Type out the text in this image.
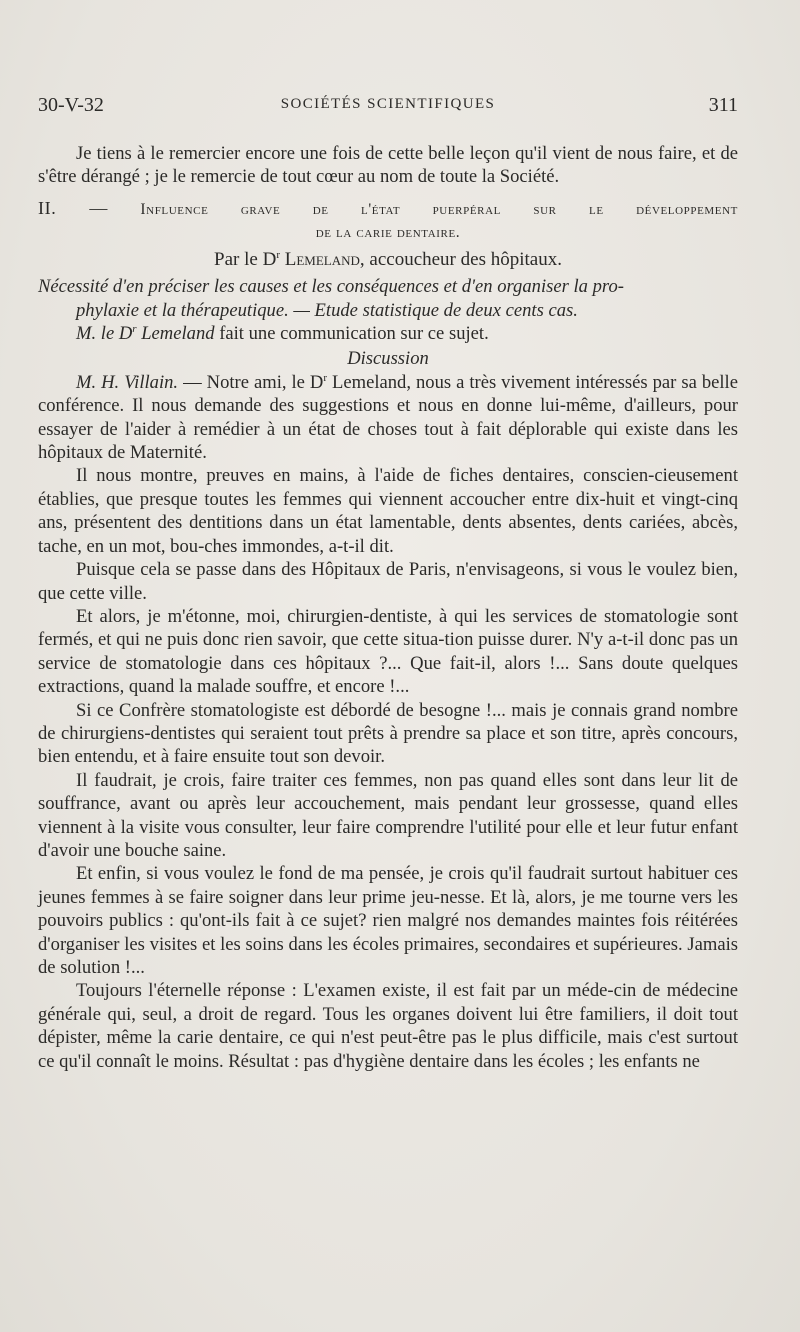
30-V-32	SOCIÉTÉS SCIENTIFIQUES	311

Je tiens à le remercier encore une fois de cette belle leçon qu'il vient de nous faire, et de s'être dérangé ; je le remercie de tout cœur au nom de toute la Société.

II. — Influence grave de l'état puerpéral sur le développement
de la carie dentaire.
Par le $D^r$ Lemeland, accoucheur des hôpitaux.
Nécessité d'en préciser les causes et les conséquences et d'en organiser la pro-
phylaxie et la thérapeutique. — Etude statistique de deux cents cas.

M. le $D^r$ Lemeland fait une communication sur ce sujet.

Discussion

M. H. Villain. — Notre ami, le $D^r$ Lemeland, nous a très vivement intéressés par sa belle conférence. Il nous demande des suggestions et nous en donne lui-même, d'ailleurs, pour essayer de l'aider à remédier à un état de choses tout à fait déplorable qui existe dans les hôpitaux de Maternité.

Il nous montre, preuves en mains, à l'aide de fiches dentaires, conscien-cieusement établies, que presque toutes les femmes qui viennent accoucher entre dix-huit et vingt-cinq ans, présentent des dentitions dans un état lamentable, dents absentes, dents cariées, abcès, tache, en un mot, bou-ches immondes, a-t-il dit.

Puisque cela se passe dans des Hôpitaux de Paris, n'envisageons, si vous le voulez bien, que cette ville.

Et alors, je m'étonne, moi, chirurgien-dentiste, à qui les services de stomatologie sont fermés, et qui ne puis donc rien savoir, que cette situa-tion puisse durer. N'y a-t-il donc pas un service de stomatologie dans ces hôpitaux ?... Que fait-il, alors !... Sans doute quelques extractions, quand la malade souffre, et encore !...

Si ce Confrère stomatologiste est débordé de besogne !... mais je connais grand nombre de chirurgiens-dentistes qui seraient tout prêts à prendre sa place et son titre, après concours, bien entendu, et à faire ensuite tout son devoir.

Il faudrait, je crois, faire traiter ces femmes, non pas quand elles sont dans leur lit de souffrance, avant ou après leur accouchement, mais pendant leur grossesse, quand elles viennent à la visite vous consulter, leur faire comprendre l'utilité pour elle et leur futur enfant d'avoir une bouche saine.

Et enfin, si vous voulez le fond de ma pensée, je crois qu'il faudrait surtout habituer ces jeunes femmes à se faire soigner dans leur prime jeu-nesse. Et là, alors, je me tourne vers les pouvoirs publics : qu'ont-ils fait à ce sujet? rien malgré nos demandes maintes fois réitérées d'organiser les visites et les soins dans les écoles primaires, secondaires et supérieures. Jamais de solution !...

Toujours l'éternelle réponse : L'examen existe, il est fait par un méde-cin de médecine générale qui, seul, a droit de regard. Tous les organes doivent lui être familiers, il doit tout dépister, même la carie dentaire, ce qui n'est peut-être pas le plus difficile, mais c'est surtout ce qu'il connaît le moins. Résultat : pas d'hygiène dentaire dans les écoles ; les enfants ne
